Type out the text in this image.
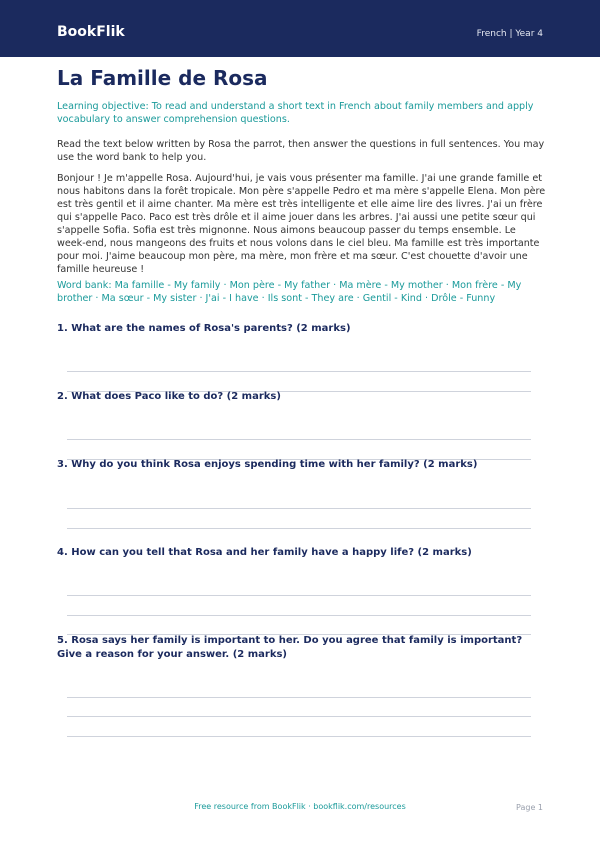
BookFlik	French | Year 4
La Famille de Rosa

Learning objective: To read and understand a short text in French about family members and apply vocabulary to answer comprehension questions.

Read the text below written by Rosa the parrot, then answer the questions in full sentences. You may use the word bank to help you.

Bonjour ! Je m'appelle Rosa. Aujourd'hui, je vais vous présenter ma famille. J'ai une grande famille et nous habitons dans la forêt tropicale. Mon père s'appelle Pedro et ma mère s'appelle Elena. Mon père est très gentil et il aime chanter. Ma mère est très intelligente et elle aime lire des livres. J'ai un frère qui s'appelle Paco. Paco est très drôle et il aime jouer dans les arbres. J'ai aussi une petite sœur qui s'appelle Sofia. Sofia est très mignonne. Nous aimons beaucoup passer du temps ensemble. Le week-end, nous mangeons des fruits et nous volons dans le ciel bleu. Ma famille est très importante pour moi. J'aime beaucoup mon père, ma mère, mon frère et ma sœur. C'est chouette d'avoir une famille heureuse !

Word bank: Ma famille - My family · Mon père - My father · Ma mère - My mother · Mon frère - My brother · Ma sœur - My sister · J'ai - I have · Ils sont - They are · Gentil - Kind · Drôle - Funny

1. What are the names of Rosa's parents? (2 marks)
2. What does Paco like to do? (2 marks)
3. Why do you think Rosa enjoys spending time with her family? (2 marks)
4. How can you tell that Rosa and her family have a happy life? (2 marks)
5. Rosa says her family is important to her. Do you agree that family is important? Give a reason for your answer. (2 marks)
Free resource from BookFlik · bookflik.com/resources	Page 1
